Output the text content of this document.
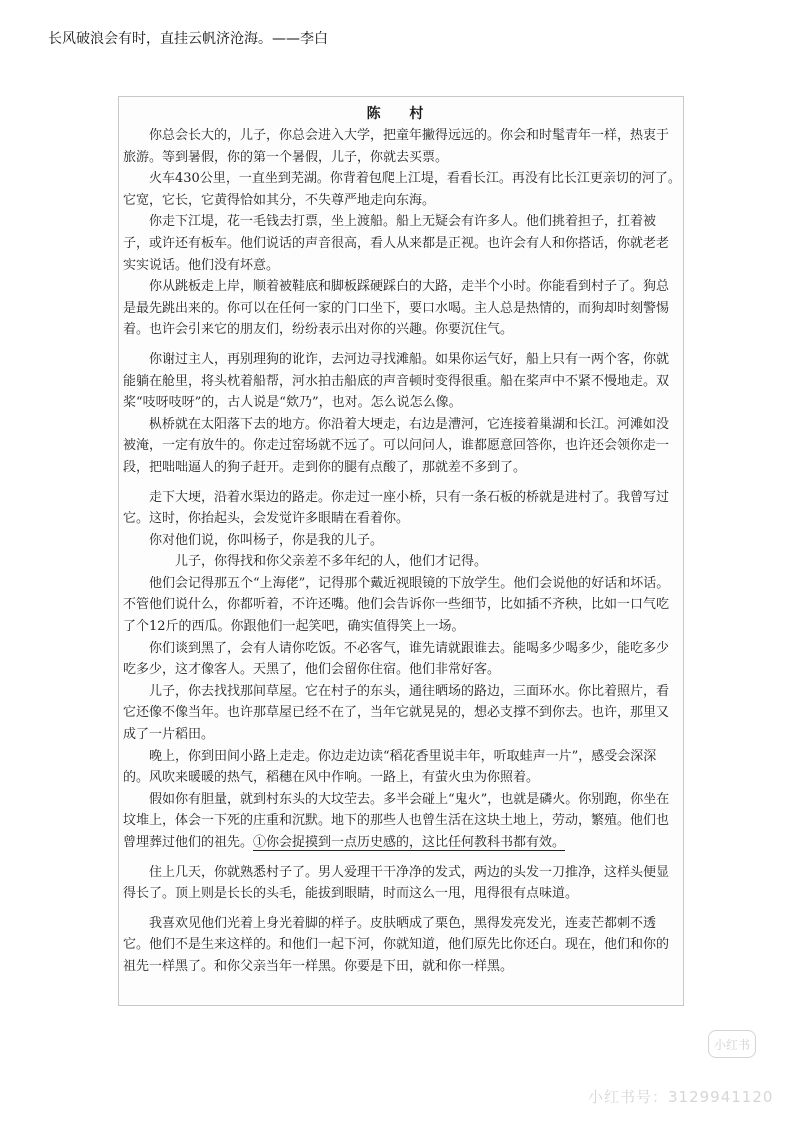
长风破浪会有时，直挂云帆济沧海。——李白
陈 村

你总会长大的，儿子，你总会进入大学，把童年撇得远远的。你会和时髦青年一样，热衷于旅游。等到暑假，你的第一个暑假，儿子，你就去买票。

火车430公里，一直坐到芜湖。你背着包爬上江堤，看看长江。再没有比长江更亲切的河了。它宽，它长，它黄得恰如其分，不失尊严地走向东海。

你走下江堤，花一毛钱去打票，坐上渡船。船上无疑会有许多人。他们挑着担子，扛着被子，或许还有板车。他们说话的声音很高，看人从来都是正视。也许会有人和你搭话，你就老老实实说话。他们没有坏意。

你从跳板走上岸，顺着被鞋底和脚板踩硬踩白的大路，走半个小时。你能看到村子了。狗总是最先跳出来的。你可以在任何一家的门口坐下，要口水喝。主人总是热情的，而狗却时刻警惕着。也许会引来它的朋友们，纷纷表示出对你的兴趣。你要沉住气。

你谢过主人，再别理狗的讹诈，去河边寻找滩船。如果你运气好，船上只有一两个客，你就能躺在舱里，将头枕着船帮，河水拍击船底的声音顿时变得很重。船在桨声中不紧不慢地走。双桨“吱呀吱呀”的，古人说是“欸乃”，也对。怎么说怎么像。

枞桥就在太阳落下去的地方。你沿着大埂走，右边是漕河，它连接着巢湖和长江。河滩如没被淹，一定有放牛的。你走过窑场就不远了。可以问问人，谁都愿意回答你，也许还会领你走一段，把咄咄逼人的狗子赶开。走到你的腿有点酸了，那就差不多到了。

走下大埂，沿着水渠边的路走。你走过一座小桥，只有一条石板的桥就是进村了。我曾写过它。这时，你抬起头，会发觉许多眼睛在看着你。

你对他们说，你叫杨子，你是我的儿子。

儿子，你得找和你父亲差不多年纪的人，他们才记得。

他们会记得那五个“上海佬”，记得那个戴近视眼镜的下放学生。他们会说他的好话和坏话。不管他们说什么，你都听着，不许还嘴。他们会告诉你一些细节，比如插不齐秧，比如一口气吃了个12斤的西瓜。你跟他们一起笑吧，确实值得笑上一场。

你们谈到黑了，会有人请你吃饭。不必客气，谁先请就跟谁去。能喝多少喝多少，能吃多少吃多少，这才像客人。天黑了，他们会留你住宿。他们非常好客。

儿子，你去找找那间草屋。它在村子的东头，通往晒场的路边，三面环水。你比着照片，看它还像不像当年。也许那草屋已经不在了，当年它就晃晃的，想必支撑不到你去。也许，那里又成了一片稻田。

晚上，你到田间小路上走走。你边走边读“稻花香里说丰年，听取蛙声一片”，感受会深深的。风吹来暖暖的热气，稻穗在风中作响。一路上，有萤火虫为你照着。

假如你有胆量，就到村东头的大坟茔去。多半会碰上“鬼火”，也就是磷火。你别跑，你坐在坟堆上，体会一下死的庄重和沉默。地下的那些人也曾生活在这块土地上，劳动，繁殖。他们也曾埋葬过他们的祖先。①你会捉摸到一点历史感的，这比任何教科书都有效。

住上几天，你就熟悉村子了。男人爱理干干净净的发式，两边的头发一刀推净，这样头便显得长了。顶上则是长长的头毛，能拔到眼睛，时而这么一甩，甩得很有点味道。

我喜欢见他们光着上身光着脚的样子。皮肤晒成了栗色，黑得发亮发光，连麦芒都刺不透它。他们不是生来这样的。和他们一起下河，你就知道，他们原先比你还白。现在，他们和你的祖先一样黑了。和你父亲当年一样黑。你要是下田，就和你一样黑。

小红书
小红书号：3129941120
